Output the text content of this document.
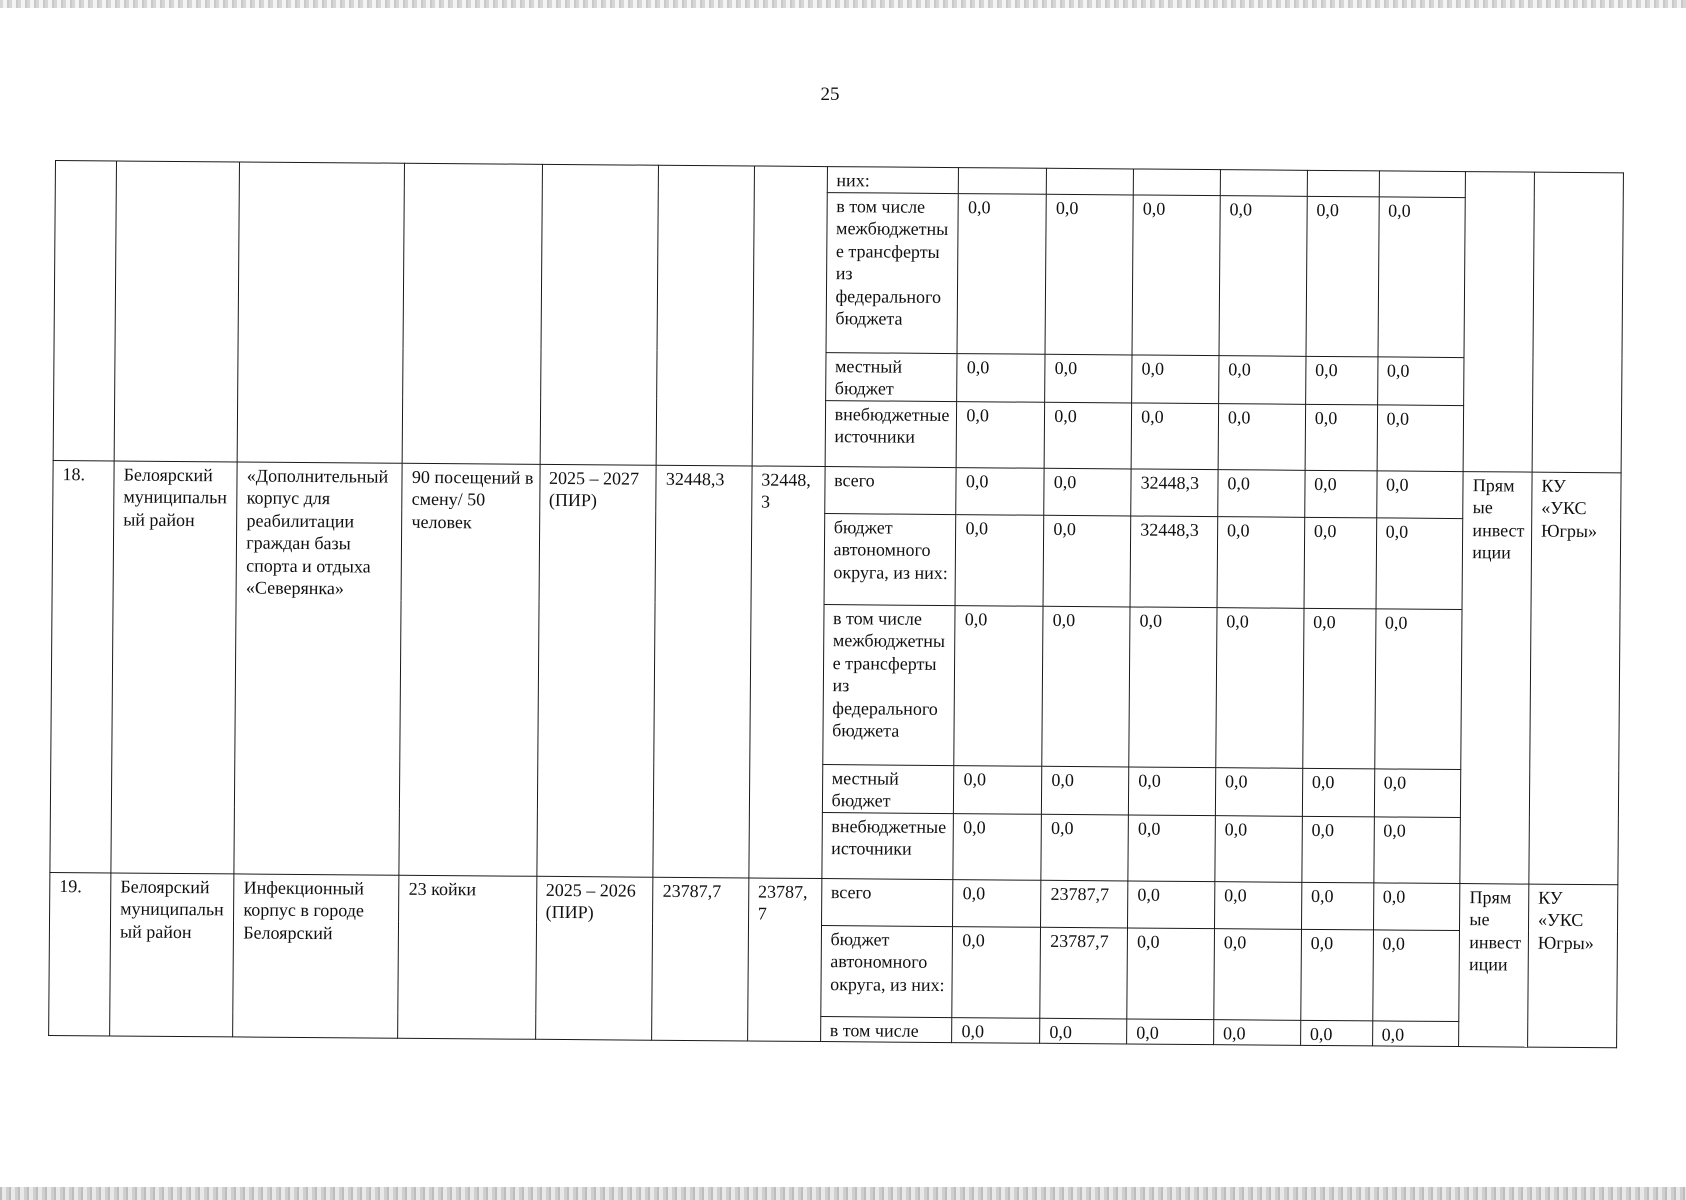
25
							них:								
							в том числе межбюджетные трансферты из федерального бюджета	0,0	0,0	0,0	0,0	0,0	0,0		
							местный бюджет	0,0	0,0	0,0	0,0	0,0	0,0		
							внебюджетные источники	0,0	0,0	0,0	0,0	0,0	0,0		
18.	Белоярский муниципальный район	«Дополнительный корпус для реабилитации граждан базы спорта и отдыха «Северянка»	90 посещений в смену/ 50 человек	2025 – 2027 (ПИР)	32448,3	32448,3	всего	0,0	0,0	32448,3	0,0	0,0	0,0	Прямые инвестиции	КУ «УКС Югры»
							бюджет автономного округа, из них:	0,0	0,0	32448,3	0,0	0,0	0,0		
							в том числе межбюджетные трансферты из федерального бюджета	0,0	0,0	0,0	0,0	0,0	0,0		
							местный бюджет	0,0	0,0	0,0	0,0	0,0	0,0		
							внебюджетные источники	0,0	0,0	0,0	0,0	0,0	0,0		
19.	Белоярский муниципальный район	Инфекционный корпус в городе Белоярский	23 койки	2025 – 2026 (ПИР)	23787,7	23787,7	всего	0,0	23787,7	0,0	0,0	0,0	0,0	Прямые инвестиции	КУ «УКС Югры»
							бюджет автономного округа, из них:	0,0	23787,7	0,0	0,0	0,0	0,0		
							в том числе	0,0	0,0	0,0	0,0	0,0	0,0		
